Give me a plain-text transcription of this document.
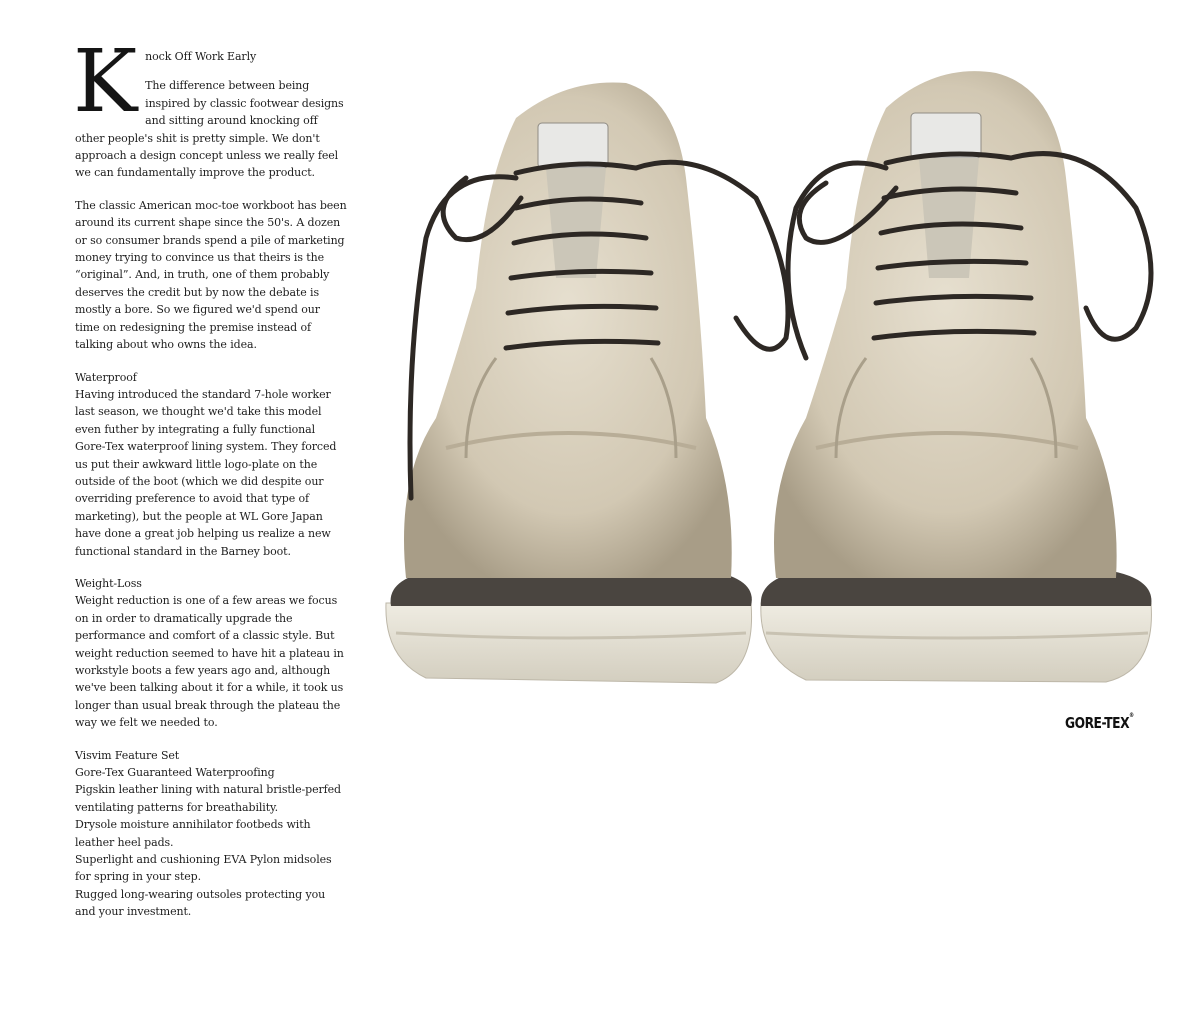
K nock Off Work Early

The difference between being inspired by classic footwear designs and sitting around knocking off other people's shit is pretty simple. We don't approach a design concept unless we really feel we can fundamentally improve the product.

The classic American moc-toe workboot has been around its current shape since the 50's. A dozen or so consumer brands spend a pile of marketing money trying to convince us that theirs is the “original”. And, in truth, one of them probably deserves the credit but by now the debate is mostly a bore. So we figured we'd spend our time on redesigning the premise instead of talking about who owns the idea.

Waterproof
Having introduced the standard 7-hole worker last season, we thought we'd take this model even futher by integrating a fully functional Gore-Tex waterproof lining system. They forced us put their awkward little logo-plate on the outside of the boot (which we did despite our overriding preference to avoid that type of marketing), but the people at WL Gore Japan have done a great job helping us realize a new functional standard in the Barney boot.

Weight-Loss
Weight reduction is one of a few areas we focus on in order to dramatically upgrade the performance and comfort of a classic style. But weight reduction seemed to have hit a plateau in workstyle boots a few years ago and, although we've been talking about it for a while, it took us longer than usual break through the plateau the way we felt we needed to.

Visvim Feature Set
Gore-Tex Guaranteed Waterproofing
Pigskin leather lining with natural bristle-perfed ventilating patterns for breathability.
Drysole moisture annihilator footbeds with leather heel pads.
Superlight and cushioning EVA Pylon midsoles for spring in your step.
Rugged long-wearing outsoles protecting you and your investment.
GORE-TEX®
